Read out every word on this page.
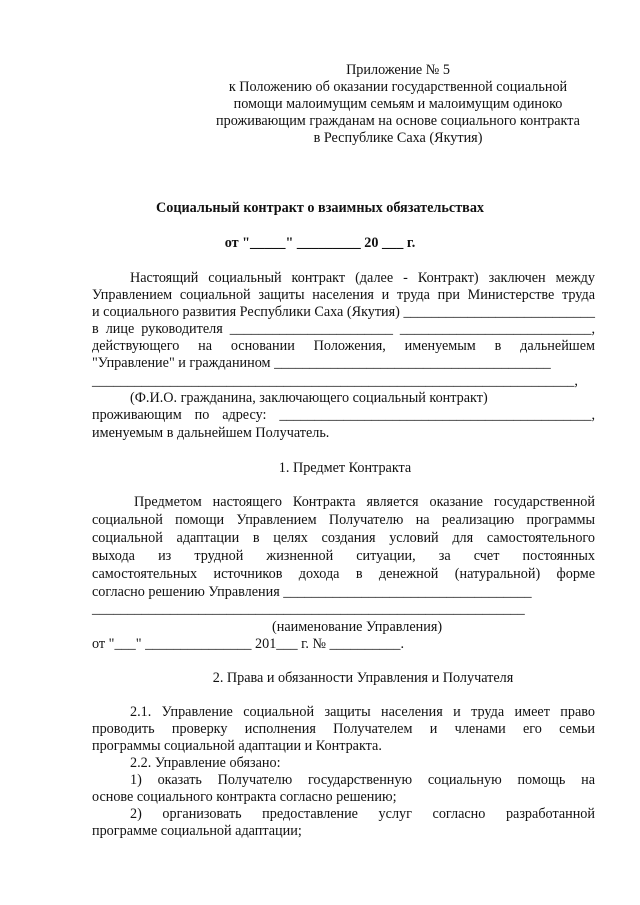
Приложение № 5
к Положению об оказании государственной социальной
помощи малоимущим семьям и малоимущим одиноко
проживающим гражданам на основе социального контракта
в Республике Саха (Якутия)
Социальный контракт о взаимных обязательствах
от "_____" _________ 20 ___ г.
Настоящий социальный контракт (далее - Контракт) заключен между
Управлением социальной защиты населения и труда при Министерстве труда
и социального развития Республики Саха (Якутия) ___________________________
в лице руководителя _______________________ ___________________________,
действующего на основании Положения, именуемым в дальнейшем
"Управление" и гражданином _______________________________________
____________________________________________________________________,
(Ф.И.О. гражданина, заключающего социальный контракт)
проживающим по адресу: ____________________________________________,
именуемым в дальнейшем Получатель.
1. Предмет Контракта
Предметом настоящего Контракта является оказание государственной
социальной помощи Управлением Получателю на реализацию программы
социальной адаптации в целях создания условий для самостоятельного
выхода из трудной жизненной ситуации, за счет постоянных
самостоятельных источников дохода в денежной (натуральной) форме
согласно решению Управления ___________________________________
_____________________________________________________________
(наименование Управления)
от "___" _______________ 201___ г. № __________.
2. Права и обязанности Управления и Получателя
2.1. Управление социальной защиты населения и труда имеет право
проводить проверку исполнения Получателем и членами его семьи
программы социальной адаптации и Контракта.
2.2. Управление обязано:
1) оказать Получателю государственную социальную помощь на
основе социального контракта согласно решению;
2) организовать предоставление услуг согласно разработанной
программе социальной адаптации;
